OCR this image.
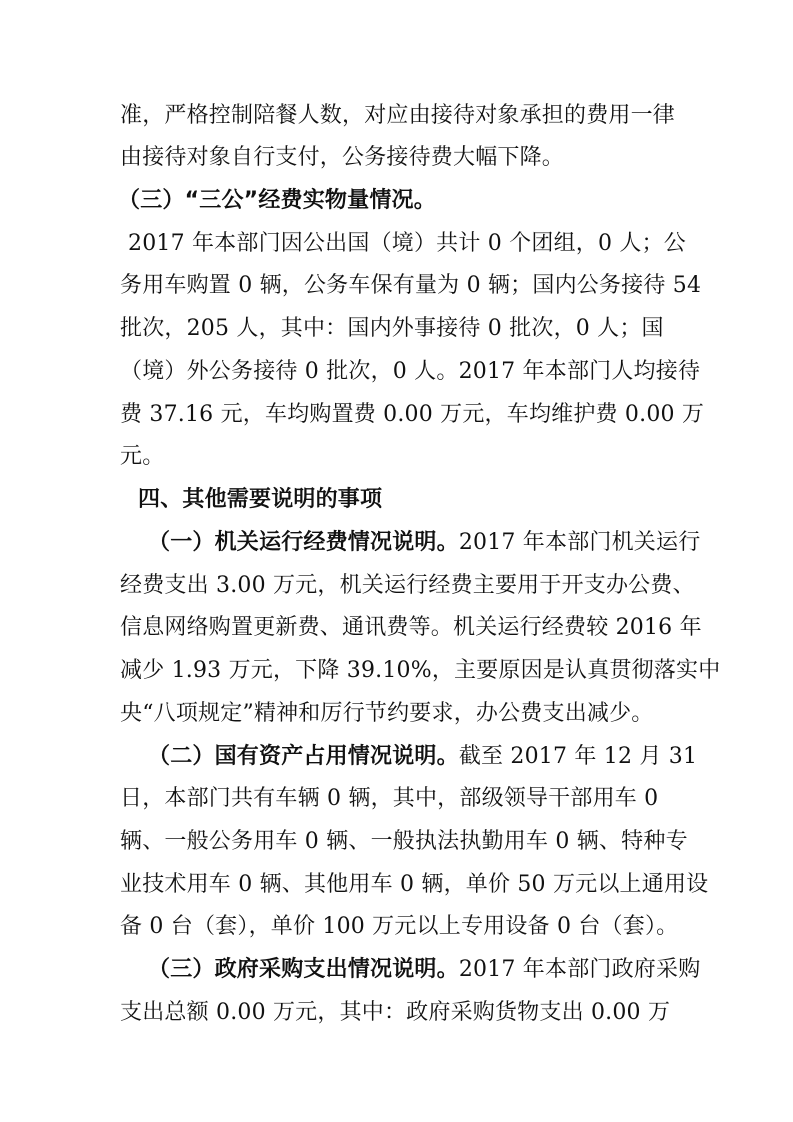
准，严格控制陪餐人数，对应由接待对象承担的费用一律
由接待对象自行支付，公务接待费大幅下降。
（三）“三公”经费实物量情况。
2017 年本部门因公出国（境）共计 0 个团组，0 人；公
务用车购置 0 辆，公务车保有量为 0 辆；国内公务接待 54
批次，205 人，其中：国内外事接待 0 批次，0 人；国
（境）外公务接待 0 批次，0 人。2017 年本部门人均接待
费 37.16 元，车均购置费 0.00 万元，车均维护费 0.00 万
元。
四、其他需要说明的事项
（一）机关运行经费情况说明。2017 年本部门机关运行
经费支出 3.00 万元，机关运行经费主要用于开支办公费、
信息网络购置更新费、通讯费等。机关运行经费较 2016 年
减少 1.93 万元，下降 39.10%，主要原因是认真贯彻落实中
央“八项规定”精神和厉行节约要求，办公费支出减少。
（二）国有资产占用情况说明。截至 2017 年 12 月 31
日，本部门共有车辆 0 辆，其中，部级领导干部用车 0
辆、一般公务用车 0 辆、一般执法执勤用车 0 辆、特种专
业技术用车 0 辆、其他用车 0 辆，单价 50 万元以上通用设
备 0 台（套），单价 100 万元以上专用设备 0 台（套）。
（三）政府采购支出情况说明。2017 年本部门政府采购
支出总额 0.00 万元，其中：政府采购货物支出 0.00 万
